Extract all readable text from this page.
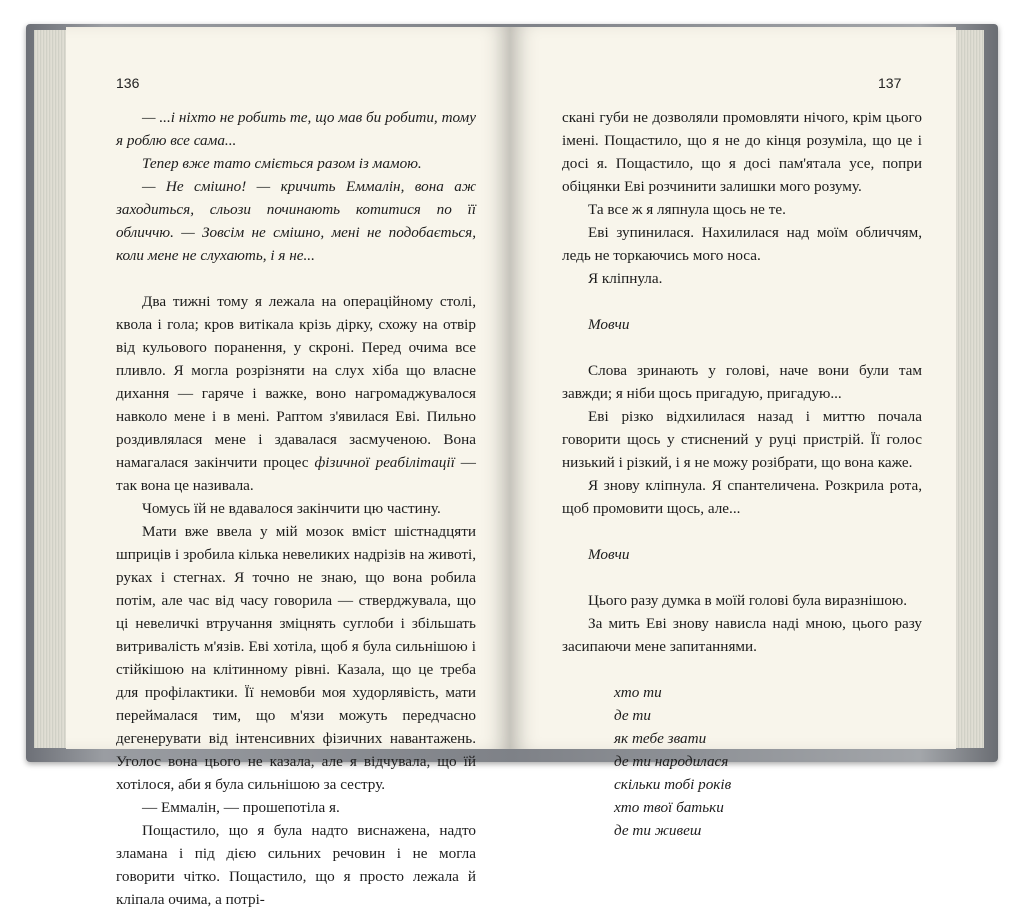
136

— ...і ніхто не робить те, що мав би робити, тому я роблю все сама...

Тепер вже тато сміється разом із мамою.

— Не смішно! — кричить Еммалін, вона аж заходиться, сльози починають котитися по її обличчю. — Зовсім не смішно, мені не подобається, коли мене не слухають, і я не...

Два тижні тому я лежала на операційному столі, квола і гола; кров витікала крізь дірку, схожу на отвір від кульового поранення, у скроні. Перед очима все пливло. Я могла розрізняти на слух хіба що власне дихання — гаряче і важке, воно нагромаджувалося навколо мене і в мені. Раптом з'явилася Еві. Пильно роздивлялася мене і здавалася засмученою. Вона намагалася закінчити процес фізичної реабілітації — так вона це називала.

Чомусь їй не вдавалося закінчити цю частину.

Мати вже ввела у мій мозок вміст шістнадцяти шприців і зробила кілька невеликих надрізів на животі, руках і стегнах. Я точно не знаю, що вона робила потім, але час від часу говорила — стверджувала, що ці невеличкі втручання зміцнять суглоби і збільшать витривалість м'язів. Еві хотіла, щоб я була сильнішою і стійкішою на клітинному рівні. Казала, що це треба для профілактики. Її немовби моя худорлявість, мати переймалася тим, що м'язи можуть передчасно дегенерувати від інтенсивних фізичних навантажень. Уголос вона цього не казала, але я відчувала, що їй хотілося, аби я була сильнішою за сестру.

— Еммалін, — прошепотіла я.

Пощастило, що я була надто виснажена, надто зламана і під дією сильних речовин і не могла говорити чітко. Пощастило, що я просто лежала й кліпала очима, а потрі-

137

скані губи не дозволяли промовляти нічого, крім цього імені. Пощастило, що я не до кінця розуміла, що це і досі я. Пощастило, що я досі пам'ятала усе, попри обіцянки Еві розчинити залишки мого розуму.

Та все ж я ляпнула щось не те.

Еві зупинилася. Нахилилася над моїм обличчям, ледь не торкаючись мого носа.

Я кліпнула.

Мовчи

Слова зринають у голові, наче вони були там завжди; я ніби щось пригадую, пригадую...

Еві різко відхилилася назад і миттю почала говорити щось у стиснений у руці пристрій. Її голос низький і різкий, і я не можу розібрати, що вона каже.

Я знову кліпнула. Я спантеличена. Розкрила рота, щоб промовити щось, але...

Мовчи

Цього разу думка в моїй голові була виразнішою.

За мить Еві знову нависла наді мною, цього разу засипаючи мене запитаннями.

хто ти

де ти

як тебе звати

де ти народилася

скільки тобі років

хто твої батьки

де ти живеш
